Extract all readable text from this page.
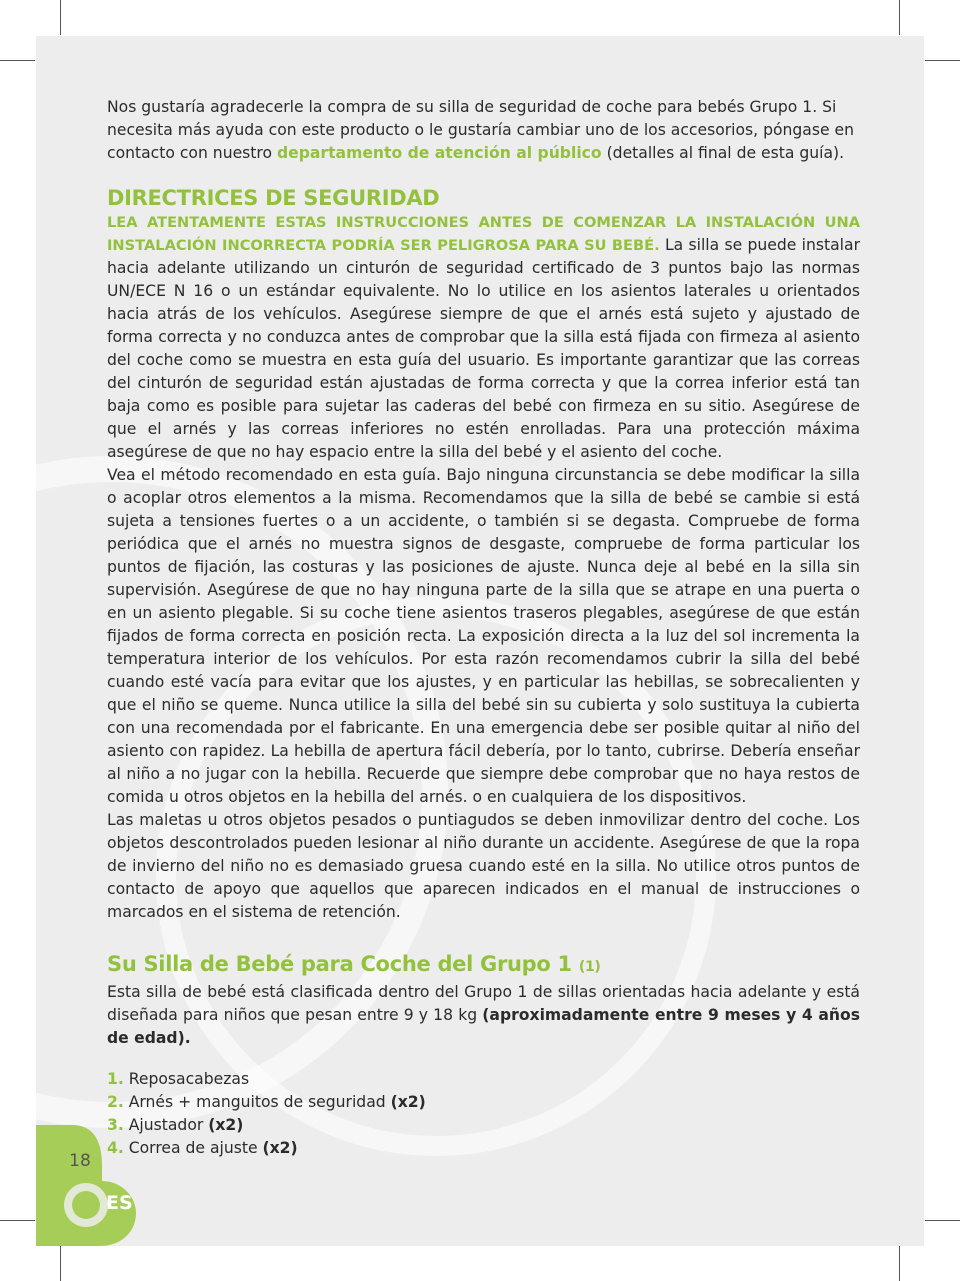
Nos gustaría agradecerle la compra de su silla de seguridad de coche para bebés Grupo 1. Si necesita más ayuda con este producto o le gustaría cambiar uno de los accesorios, póngase en contacto con nuestro departamento de atención al público (detalles al final de esta guía).

DIRECTRICES DE SEGURIDAD

LEA ATENTAMENTE ESTAS INSTRUCCIONES ANTES DE COMENZAR LA INSTALACIÓN UNA INSTALACIÓN INCORRECTA PODRÍA SER PELIGROSA PARA SU BEBÉ. La silla se puede instalar hacia adelante utilizando un cinturón de seguridad certificado de 3 puntos bajo las normas UN/ECE N 16 o un estándar equivalente. No lo utilice en los asientos laterales u orientados hacia atrás de los vehículos. Asegúrese siempre de que el arnés está sujeto y ajustado de forma correcta y no conduzca antes de comprobar que la silla está fijada con firmeza al asiento del coche como se muestra en esta guía del usuario. Es importante garantizar que las correas del cinturón de seguridad están ajustadas de forma correcta y que la correa inferior está tan baja como es posible para sujetar las caderas del bebé con firmeza en su sitio. Asegúrese de que el arnés y las correas inferiores no estén enrolladas. Para una protección máxima asegúrese de que no hay espacio entre la silla del bebé y el asiento del coche.

Vea el método recomendado en esta guía. Bajo ninguna circunstancia se debe modificar la silla o acoplar otros elementos a la misma. Recomendamos que la silla de bebé se cambie si está sujeta a tensiones fuertes o a un accidente, o también si se degasta. Compruebe de forma periódica que el arnés no muestra signos de desgaste, compruebe de forma particular los puntos de fijación, las costuras y las posiciones de ajuste. Nunca deje al bebé en la silla sin supervisión. Asegúrese de que no hay ninguna parte de la silla que se atrape en una puerta o en un asiento plegable. Si su coche tiene asientos traseros plegables, asegúrese de que están fijados de forma correcta en posición recta. La exposición directa a la luz del sol incrementa la temperatura interior de los vehículos. Por esta razón recomendamos cubrir la silla del bebé cuando esté vacía para evitar que los ajustes, y en particular las hebillas, se sobrecalienten y que el niño se queme. Nunca utilice la silla del bebé sin su cubierta y solo sustituya la cubierta con una recomendada por el fabricante. En una emergencia debe ser posible quitar al niño del asiento con rapidez. La hebilla de apertura fácil debería, por lo tanto, cubrirse. Debería enseñar al niño a no jugar con la hebilla. Recuerde que siempre debe comprobar que no haya restos de comida u otros objetos en la hebilla del arnés. o en cualquiera de los dispositivos.

Las maletas u otros objetos pesados o puntiagudos se deben inmovilizar dentro del coche. Los objetos descontrolados pueden lesionar al niño durante un accidente. Asegúrese de que la ropa de invierno del niño no es demasiado gruesa cuando esté en la silla. No utilice otros puntos de contacto de apoyo que aquellos que aparecen indicados en el manual de instrucciones o marcados en el sistema de retención.

Su Silla de Bebé para Coche del Grupo 1 (1)

Esta silla de bebé está clasificada dentro del Grupo 1 de sillas orientadas hacia adelante y está diseñada para niños que pesan entre 9 y 18 kg (aproximadamente entre 9 meses y 4 años de edad).

1. Reposacabezas
2. Arnés + manguitos de seguridad (x2)
3. Ajustador (x2)
4. Correa de ajuste (x2)
18
ES
